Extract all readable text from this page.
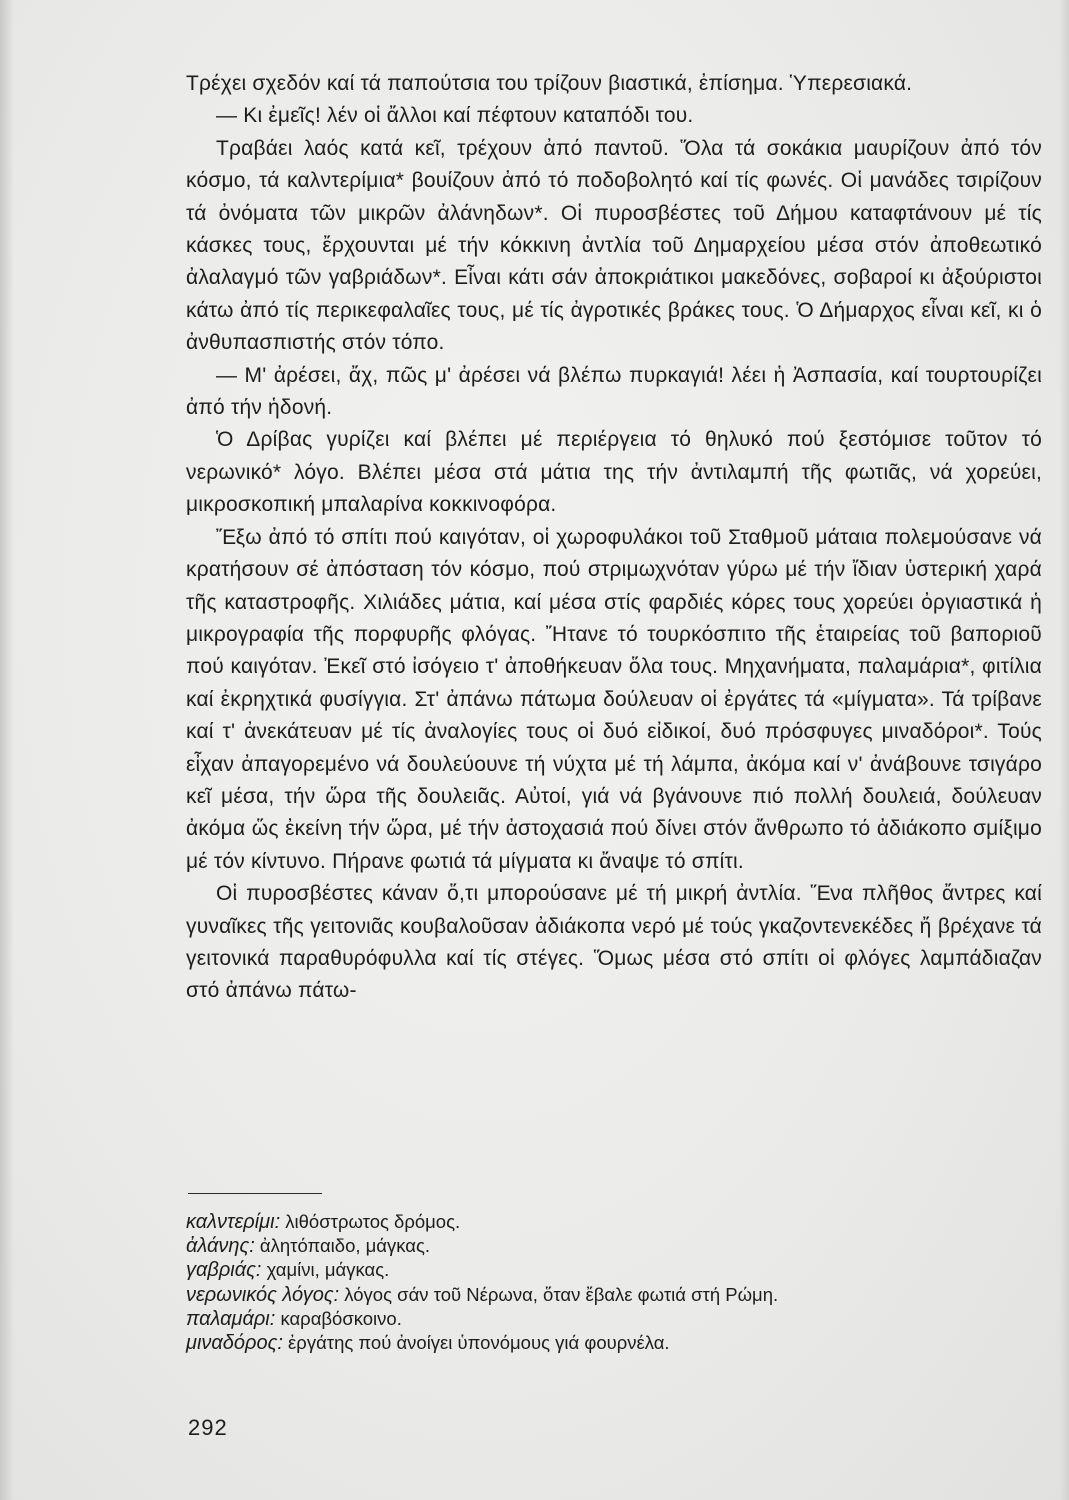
Τρέχει σχεδόν καί τά παπούτσια του τρίζουν βιαστικά, ἐπίσημα. Ὑπερεσιακά.

— Κι ἐμεῖς! λέν οἱ ἄλλοι καί πέφτουν καταπόδι του.

Τραβάει λαός κατά κεῖ, τρέχουν ἀπό παντοῦ. Ὅλα τά σοκάκια μαυρίζουν ἀπό τόν κόσμο, τά καλντερίμια* βουίζουν ἀπό τό ποδοβολητό καί τίς φωνές. Οἱ μανάδες τσιρίζουν τά ὀνόματα τῶν μικρῶν ἀλάνηδων*. Οἱ πυροσβέστες τοῦ Δήμου καταφτάνουν μέ τίς κάσκες τους, ἔρχουνται μέ τήν κόκκινη ἀντλία τοῦ Δημαρχείου μέσα στόν ἀποθεωτικό ἀλαλαγμό τῶν γαβριάδων*. Εἶναι κάτι σάν ἀποκριάτικοι μακεδόνες, σοβαροί κι ἀξούριστοι κάτω ἀπό τίς περικεφαλαῖες τους, μέ τίς ἀγροτικές βράκες τους. Ὁ Δήμαρχος εἶναι κεῖ, κι ὁ ἀνθυπασπιστής στόν τόπο.

— Μ' ἀρέσει, ἄχ, πῶς μ' ἀρέσει νά βλέπω πυρκαγιά! λέει ἡ Ἀσπασία, καί τουρτουρίζει ἀπό τήν ἡδονή.

Ὁ Δρίβας γυρίζει καί βλέπει μέ περιέργεια τό θηλυκό πού ξεστόμισε τοῦτον τό νερωνικό* λόγο. Βλέπει μέσα στά μάτια της τήν ἀντιλαμπή τῆς φωτιᾶς, νά χορεύει, μικροσκοπική μπαλαρίνα κοκκινοφόρα.

Ἔξω ἀπό τό σπίτι πού καιγόταν, οἱ χωροφυλάκοι τοῦ Σταθμοῦ μάταια πολεμούσανε νά κρατήσουν σέ ἀπόσταση τόν κόσμο, πού στριμωχνόταν γύρω μέ τήν ἴδιαν ὑστερική χαρά τῆς καταστροφῆς. Χιλιάδες μάτια, καί μέσα στίς φαρδιές κόρες τους χορεύει ὀργιαστικά ἡ μικρογραφία τῆς πορφυρῆς φλόγας. Ἤτανε τό τουρκόσπιτο τῆς ἑταιρείας τοῦ βαποριοῦ πού καιγόταν. Ἐκεῖ στό ἰσόγειο τ' ἀποθήκευαν ὅλα τους. Μηχανήματα, παλαμάρια*, φιτίλια καί ἐκρηχτικά φυσίγγια. Στ' ἀπάνω πάτωμα δούλευαν οἱ ἐργάτες τά «μίγματα». Τά τρίβανε καί τ' ἀνεκάτευαν μέ τίς ἀναλογίες τους οἱ δυό εἰδικοί, δυό πρόσφυγες μιναδόροι*. Τούς εἶχαν ἀπαγορεμένο νά δουλεύουνε τή νύχτα μέ τή λάμπα, ἀκόμα καί ν' ἀνάβουνε τσιγάρο κεῖ μέσα, τήν ὥρα τῆς δουλειᾶς. Αὐτοί, γιά νά βγάνουνε πιό πολλή δουλειά, δούλευαν ἀκόμα ὥς ἐκείνη τήν ὥρα, μέ τήν ἀστοχασιά πού δίνει στόν ἄνθρωπο τό ἀδιάκοπο σμίξιμο μέ τόν κίντυνο. Πήρανε φωτιά τά μίγματα κι ἄναψε τό σπίτι.

Οἱ πυροσβέστες κάναν ὅ,τι μπορούσανε μέ τή μικρή ἀντλία. Ἕνα πλῆθος ἄντρες καί γυναῖκες τῆς γειτονιᾶς κουβαλοῦσαν ἀδιάκοπα νερό μέ τούς γκαζοντενεκέδες ἤ βρέχανε τά γειτονικά παραθυρόφυλλα καί τίς στέγες. Ὅμως μέσα στό σπίτι οἱ φλόγες λαμπάδιαζαν στό ἀπάνω πάτω-

καλντερίμι: λιθόστρωτος δρόμος.
ἀλάνης: ἀλητόπαιδο, μάγκας.
γαβριάς: χαμίνι, μάγκας.
νερωνικός λόγος: λόγος σάν τοῦ Νέρωνα, ὅταν ἔβαλε φωτιά στή Ρώμη.
παλαμάρι: καραβόσκοινο.
μιναδόρος: ἐργάτης πού ἀνοίγει ὑπονόμους γιά φουρνέλα.
292
